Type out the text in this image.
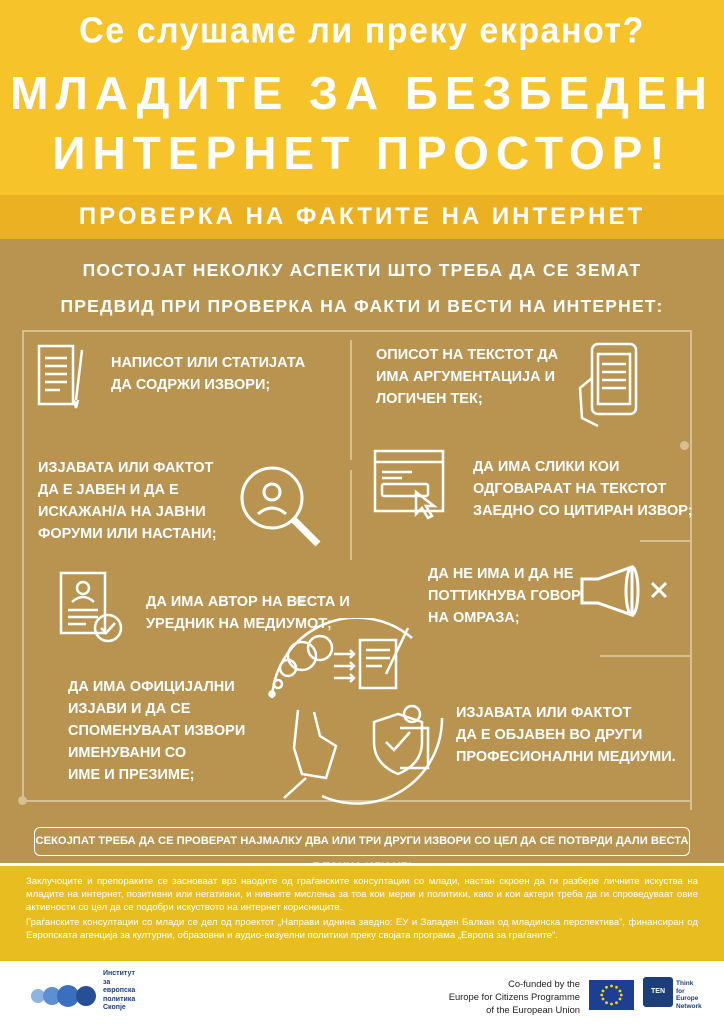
Се слушаме ли преку екранот?
МЛАДИТЕ ЗА БЕЗБЕДЕН
ИНТЕРНЕТ ПРОСТОР!
ПРОВЕРКА НА ФАКТИТЕ НА ИНТЕРНЕТ
ПОСТОЈАТ НЕКОЛКУ АСПЕКТИ ШТО ТРЕБА ДА СЕ ЗЕМАТ
ПРЕДВИД ПРИ ПРОВЕРКА НА ФАКТИ И ВЕСТИ НА ИНТЕРНЕТ:
НАПИСОТ ИЛИ СТАТИЈАТА
ДА СОДРЖИ ИЗВОРИ;
ОПИСОТ НА ТЕКСТОТ ДА
ИМА АРГУМЕНТАЦИЈА И
ЛОГИЧЕН ТЕК;
ИЗЈАВАТА ИЛИ ФАКТОТ
ДА Е ЈАВЕН И ДА Е
ИСКАЖАН/А НА ЈАВНИ
ФОРУМИ ИЛИ НАСТАНИ;
ДА ИМА СЛИКИ КОИ
ОДГОВАРААТ НА ТЕКСТОТ
ЗАЕДНО СО ЦИТИРАН ИЗВОР;
ДА ИМА АВТОР НА ВЕСТА И
УРЕДНИК НА МЕДИУМОТ;
ДА НЕ ИМА И ДА НЕ
ПОТТИКНУВА ГОВОР
НА ОМРАЗА;
ДА ИМА ОФИЦИЈАЛНИ
ИЗЈАВИ И ДА СЕ
СПОМЕНУВААТ ИЗВОРИ
ИМЕНУВАНИ СО
ИМЕ И ПРЕЗИМЕ;
ИЗЈАВАТА ИЛИ ФАКТОТ
ДА Е ОБЈАВЕН ВО ДРУГИ
ПРОФЕСИОНАЛНИ МЕДИУМИ.
СЕКОЈПАТ ТРЕБА ДА СЕ ПРОВЕРАТ НАЈМАЛКУ ДВА ИЛИ ТРИ ДРУГИ ИЗВОРИ СО ЦЕЛ ДА СЕ ПОТВРДИ ДАЛИ ВЕСТА

Заклучоците и препораките се засноваат врз наодите од граѓанските консултации со млади, настан скроен да ги разбере личните искуства на младите на интернет, позитивни или негативни, и нивните мислења за тоа кои мерки и политики, како и кои актери треба да ги спроведуваат овие активности со цел да се подобри искуството на интернет корисниците.

Граѓанските консултации со млади се дел од проектот „Направи иднина заедно: ЕУ и Западен Балкан од младинска перспектива“, финансиран од Европската агенција за културни, образовни и аудио-визуелни политики преку својата програма „Европа за граѓаните“.

Институт
за
европска
политика
Скопје
Co-funded by the
Europe for Citizens Programme
of the European Union
TEN
Think
for
Europe
Network
